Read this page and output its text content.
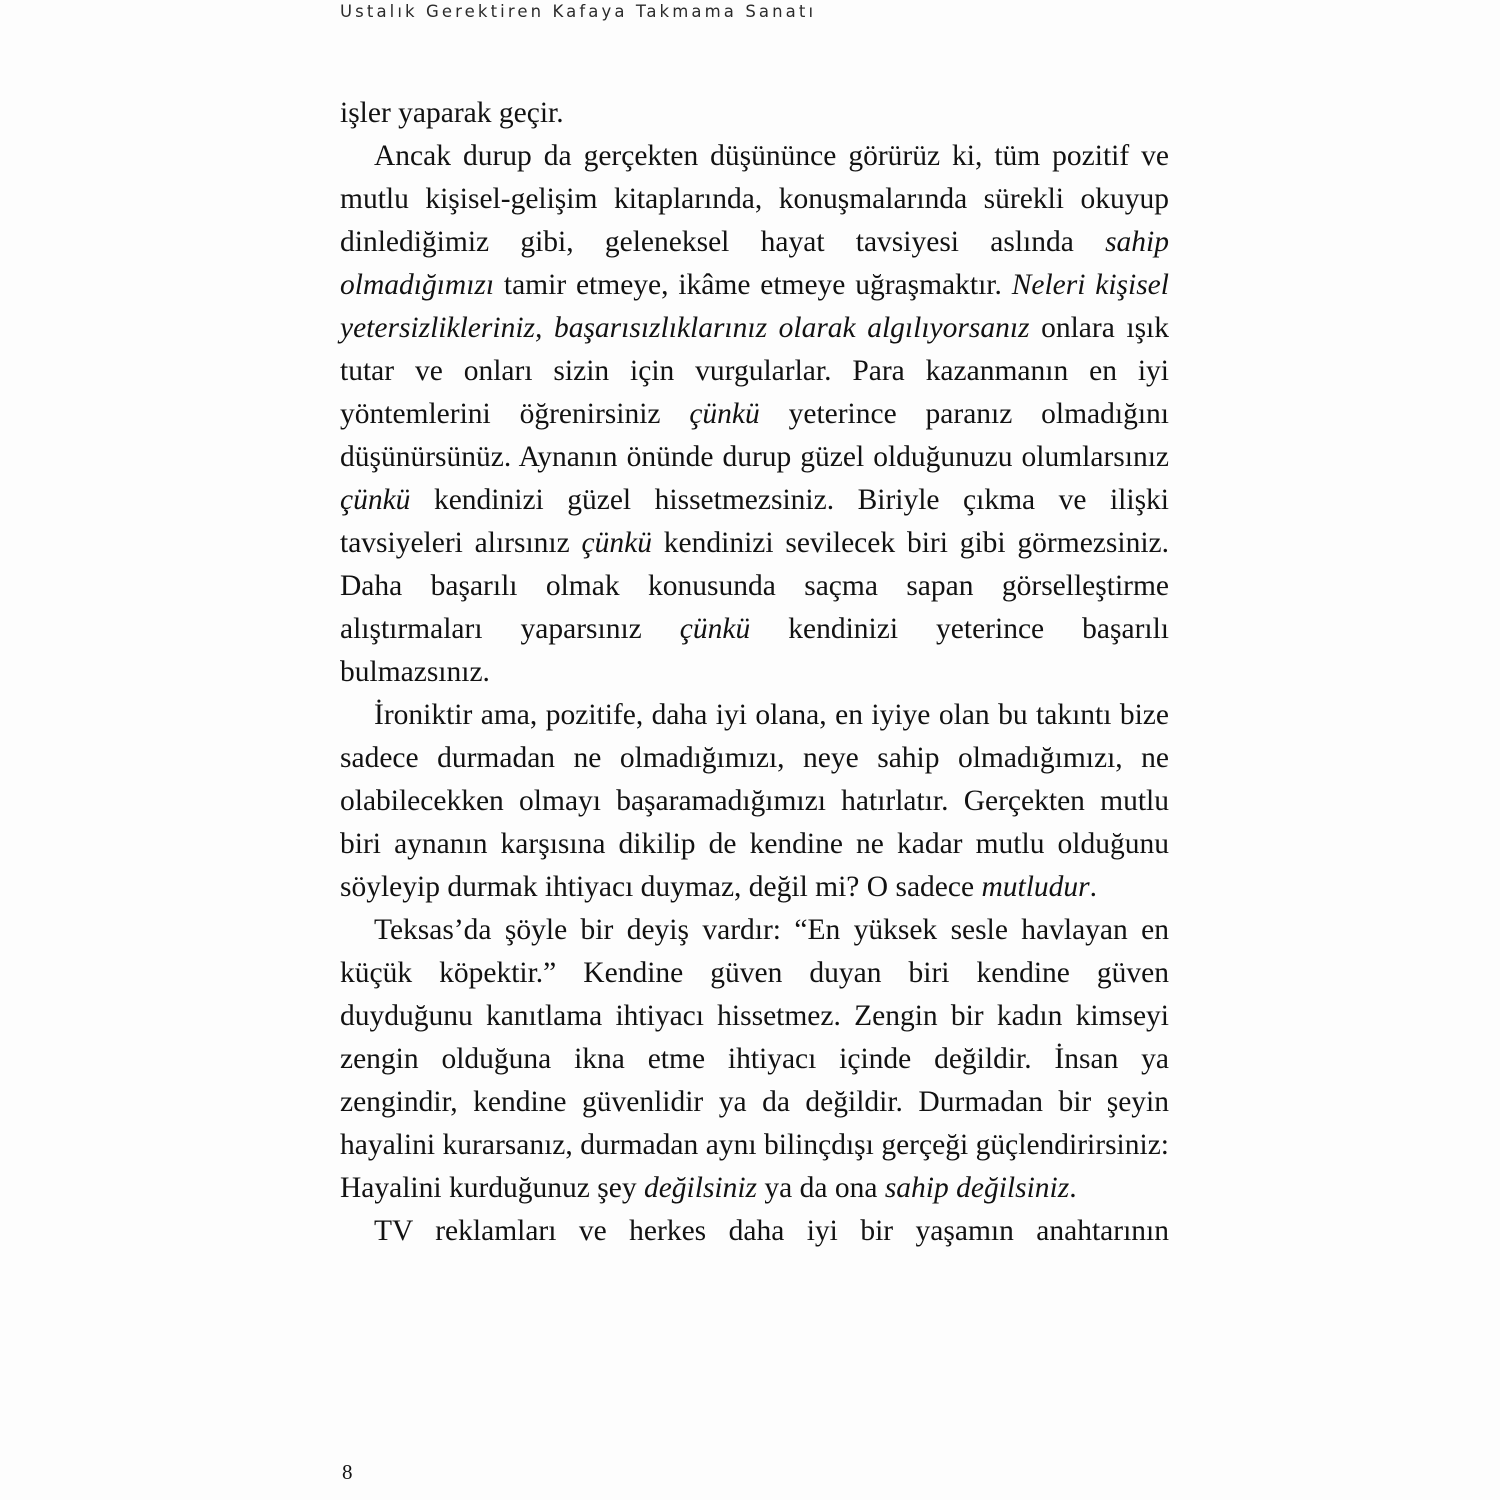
Ustalık Gerektiren Kafaya Takmama Sanatı

işler yaparak geçir.

Ancak durup da gerçekten düşününce görürüz ki, tüm pozitif ve mutlu kişisel-gelişim kitaplarında, konuşmalarında sürekli okuyup dinlediğimiz gibi, geleneksel hayat tavsiyesi aslında sahip olmadığımızı tamir etmeye, ikâme etmeye uğraşmaktır. Neleri kişisel yetersizlikleriniz, başarısızlıklarınız olarak algılıyorsanız onlara ışık tutar ve onları sizin için vurgularlar. Para kazanmanın en iyi yöntemlerini öğrenirsiniz çünkü yeterince paranız olmadığını düşünürsünüz. Aynanın önünde durup güzel olduğunuzu olumlarsınız çünkü kendinizi güzel hissetmezsiniz. Biriyle çıkma ve ilişki tavsiyeleri alırsınız çünkü kendinizi sevilecek biri gibi görmezsiniz. Daha başarılı olmak konusunda saçma sapan görselleştirme alıştırmaları yaparsınız çünkü kendinizi yeterince başarılı bulmazsınız.

İroniktir ama, pozitife, daha iyi olana, en iyiye olan bu takıntı bize sadece durmadan ne olmadığımızı, neye sahip olmadığımızı, ne olabilecekken olmayı başaramadığımızı hatırlatır. Gerçekten mutlu biri aynanın karşısına dikilip de kendine ne kadar mutlu olduğunu söyleyip durmak ihtiyacı duymaz, değil mi? O sadece mutludur.

Teksas’da şöyle bir deyiş vardır: “En yüksek sesle havlayan en küçük köpektir.” Kendine güven duyan biri kendine güven duyduğunu kanıtlama ihtiyacı hissetmez. Zengin bir kadın kimseyi zengin olduğuna ikna etme ihtiyacı içinde değildir. İnsan ya zengindir, kendine güvenlidir ya da değildir. Durmadan bir şeyin hayalini kurarsanız, durmadan aynı bilinçdışı gerçeği güçlendirirsiniz: Hayalini kurduğunuz şey değilsiniz ya da ona sahip değilsiniz.

TV reklamları ve herkes daha iyi bir yaşamın anahtarının

8
